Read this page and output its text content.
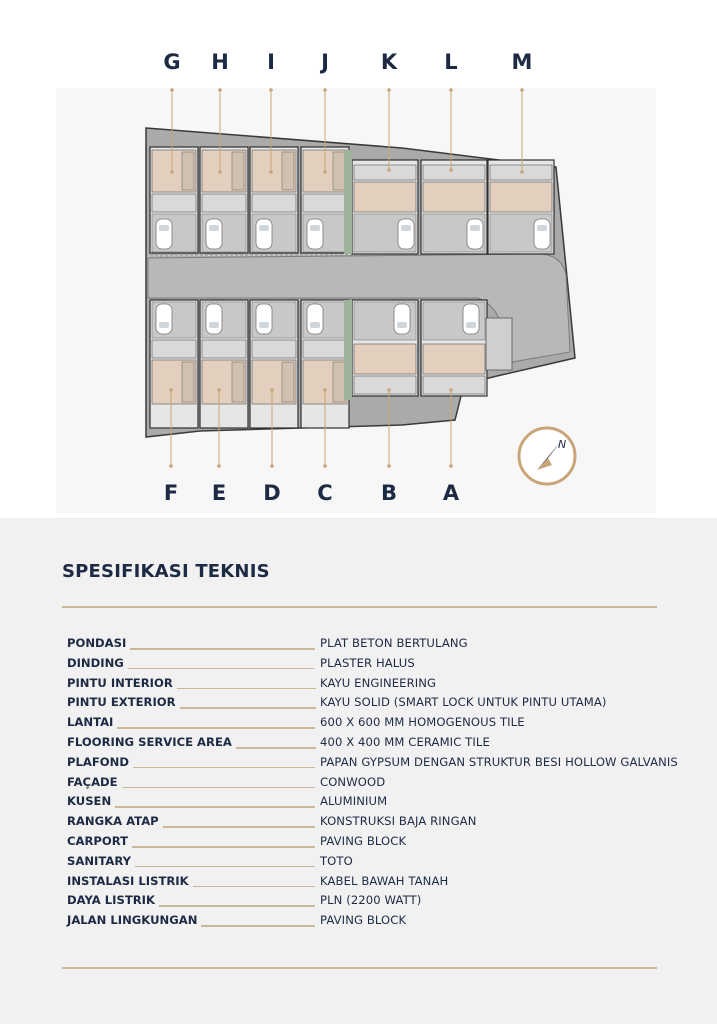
N
G	H	I	J	K	L	M
F	E	D	C	B	A
SPESIFIKASI TEKNIS
PONDASI	PLAT BETON BERTULANG
DINDING	PLASTER HALUS
PINTU INTERIOR	KAYU ENGINEERING
PINTU EXTERIOR	KAYU SOLID (SMART LOCK UNTUK PINTU UTAMA)
LANTAI	600 X 600 MM HOMOGENOUS TILE
FLOORING SERVICE AREA	400 X 400 MM CERAMIC TILE
PLAFOND	PAPAN GYPSUM DENGAN STRUKTUR BESI HOLLOW GALVANIS
FAÇADE	CONWOOD
KUSEN	ALUMINIUM
RANGKA ATAP	KONSTRUKSI BAJA RINGAN
CARPORT	PAVING BLOCK
SANITARY	TOTO
INSTALASI LISTRIK	KABEL BAWAH TANAH
DAYA LISTRIK	PLN (2200 WATT)
JALAN LINGKUNGAN	PAVING BLOCK
